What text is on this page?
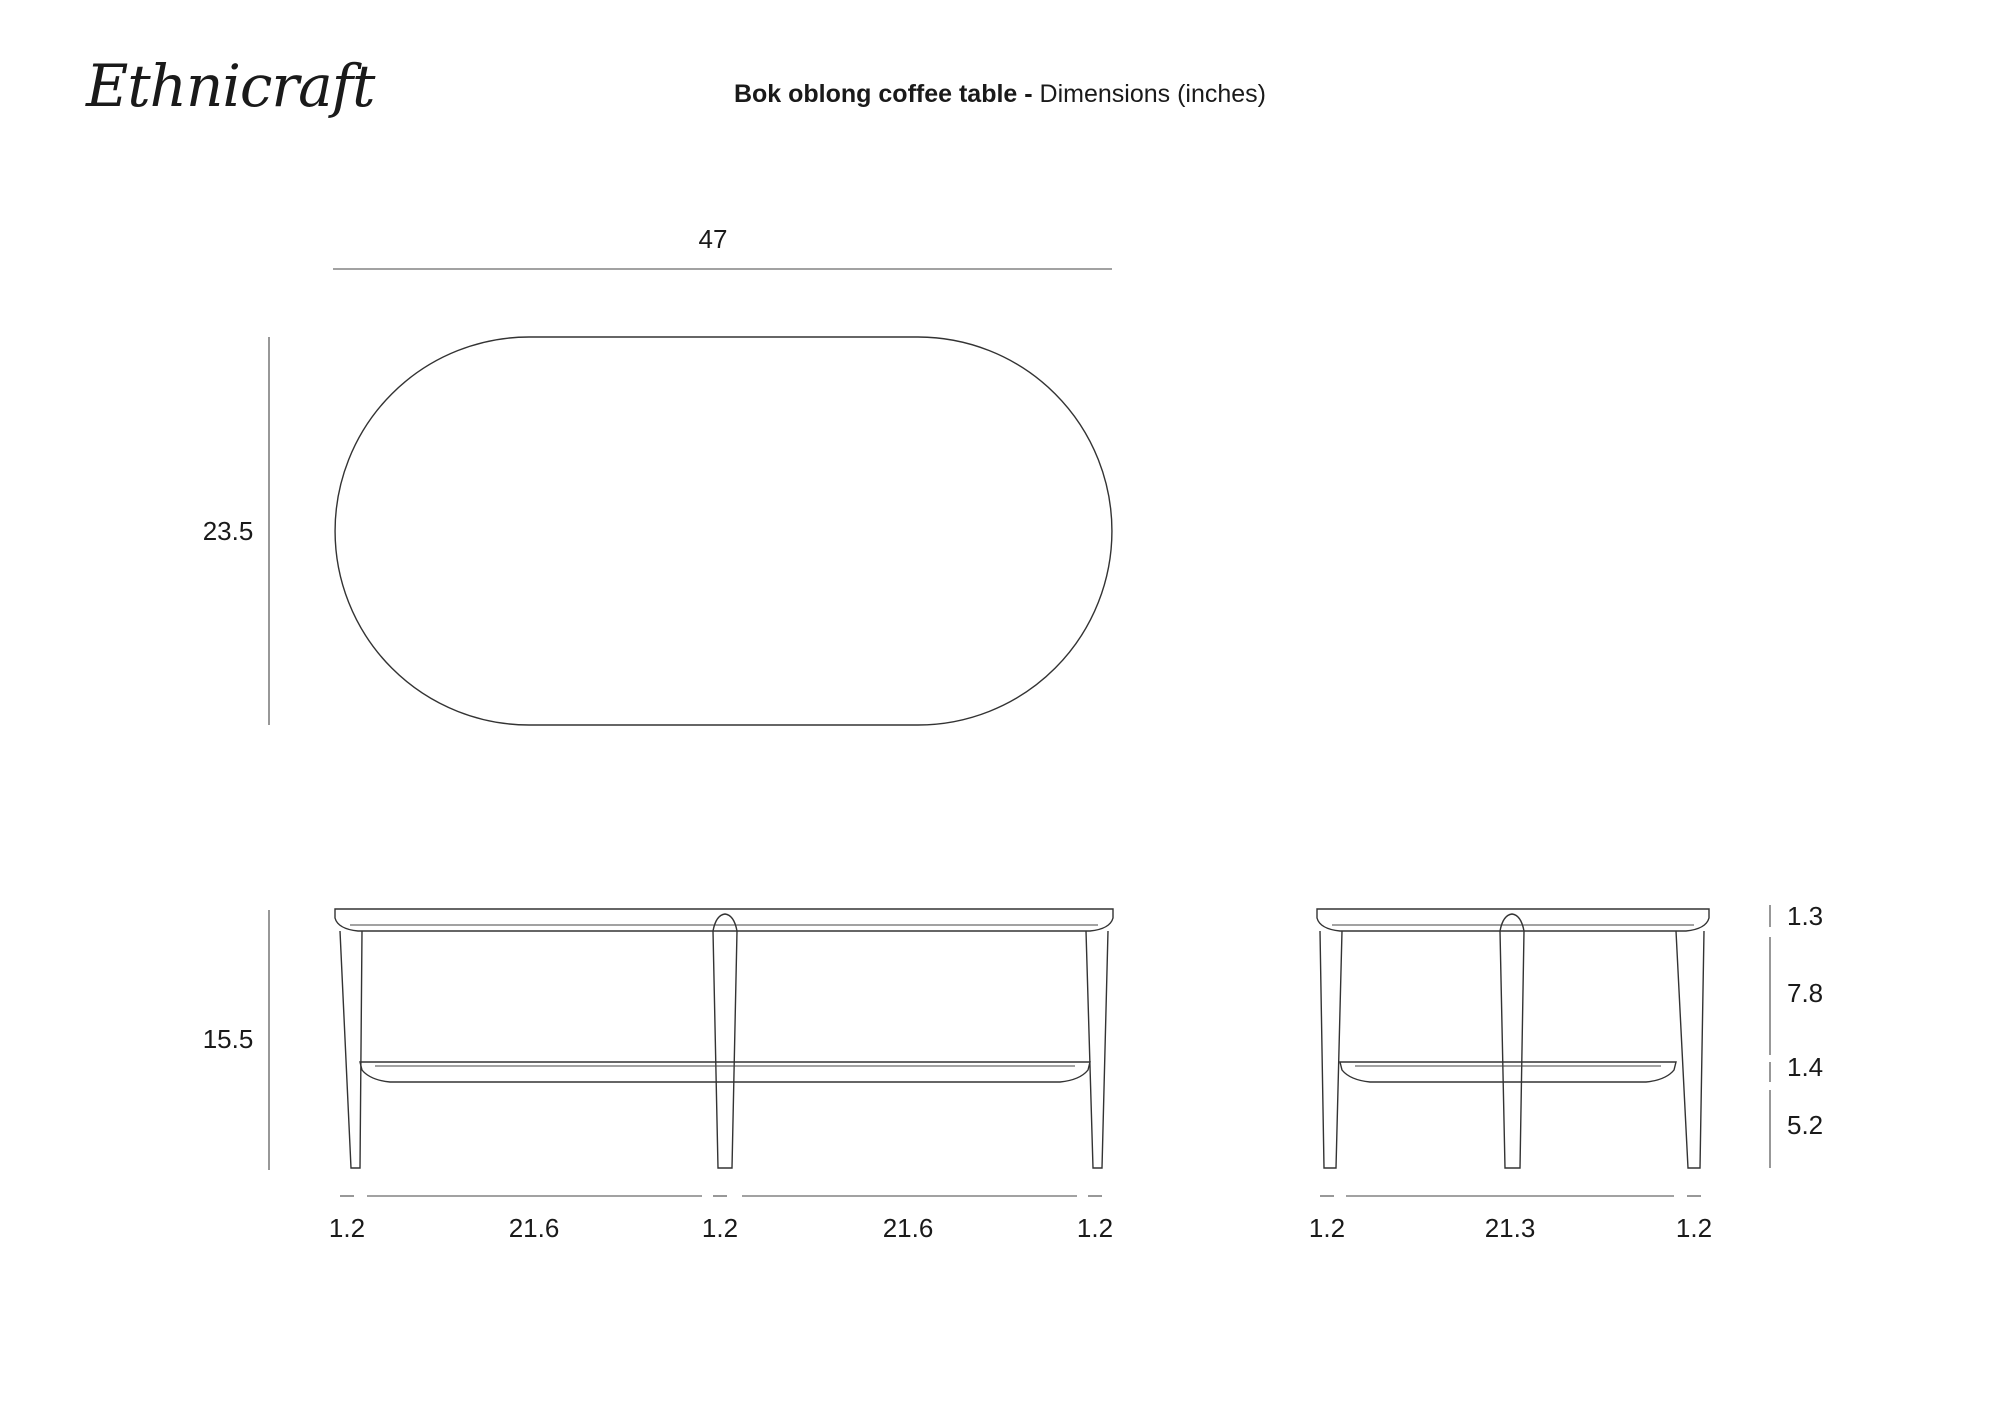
Ethnicraft	Bok oblong coffee table - Dimensions (inches)
47
23.5
15.5
1.2	21.6	1.2	21.6	1.2	1.2	21.3	1.2
1.3
7.8
1.4
5.2
